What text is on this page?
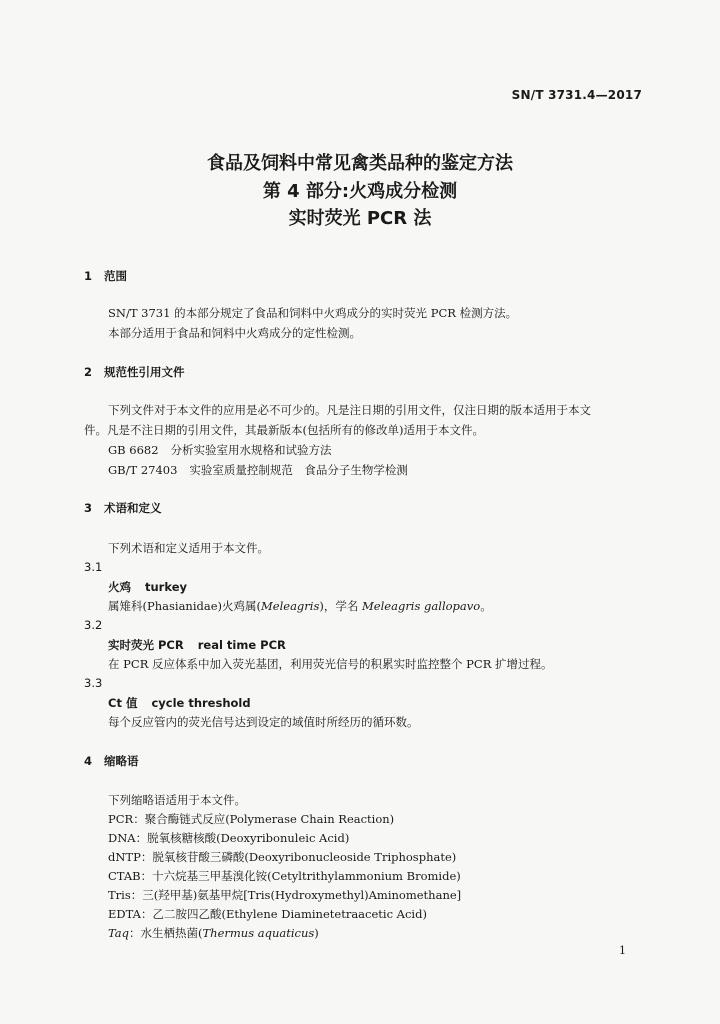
SN/T 3731.4—2017
食品及饲料中常见禽类品种的鉴定方法
第 4 部分:火鸡成分检测
实时荧光 PCR 法
1 范围
SN/T 3731 的本部分规定了食品和饲料中火鸡成分的实时荧光 PCR 检测方法。
本部分适用于食品和饲料中火鸡成分的定性检测。
2 规范性引用文件
下列文件对于本文件的应用是必不可少的。凡是注日期的引用文件，仅注日期的版本适用于本文
件。凡是不注日期的引用文件，其最新版本(包括所有的修改单)适用于本文件。
GB 6682 分析实验室用水规格和试验方法
GB/T 27403 实验室质量控制规范　食品分子生物学检测
3 术语和定义
下列术语和定义适用于本文件。
3.1
火鸡 turkey
属雉科(Phasianidae)火鸡属(Meleagris)，学名 Meleagris gallopavo。
3.2
实时荧光 PCR real time PCR
在 PCR 反应体系中加入荧光基团，利用荧光信号的积累实时监控整个 PCR 扩增过程。
3.3
Ct 值 cycle threshold
每个反应管内的荧光信号达到设定的域值时所经历的循环数。
4 缩略语
下列缩略语适用于本文件。
PCR：聚合酶链式反应(Polymerase Chain Reaction)
DNA：脱氧核糖核酸(Deoxyribonuleic Acid)
dNTP：脱氧核苷酸三磷酸(Deoxyribonucleoside Triphosphate)
CTAB：十六烷基三甲基溴化铵(Cetyltrithylammonium Bromide)
Tris：三(羟甲基)氨基甲烷[Tris(Hydroxymethyl)Aminomethane]
EDTA：乙二胺四乙酸(Ethylene Diaminetetraacetic Acid)
Taq：水生栖热菌(Thermus aquaticus)
1
